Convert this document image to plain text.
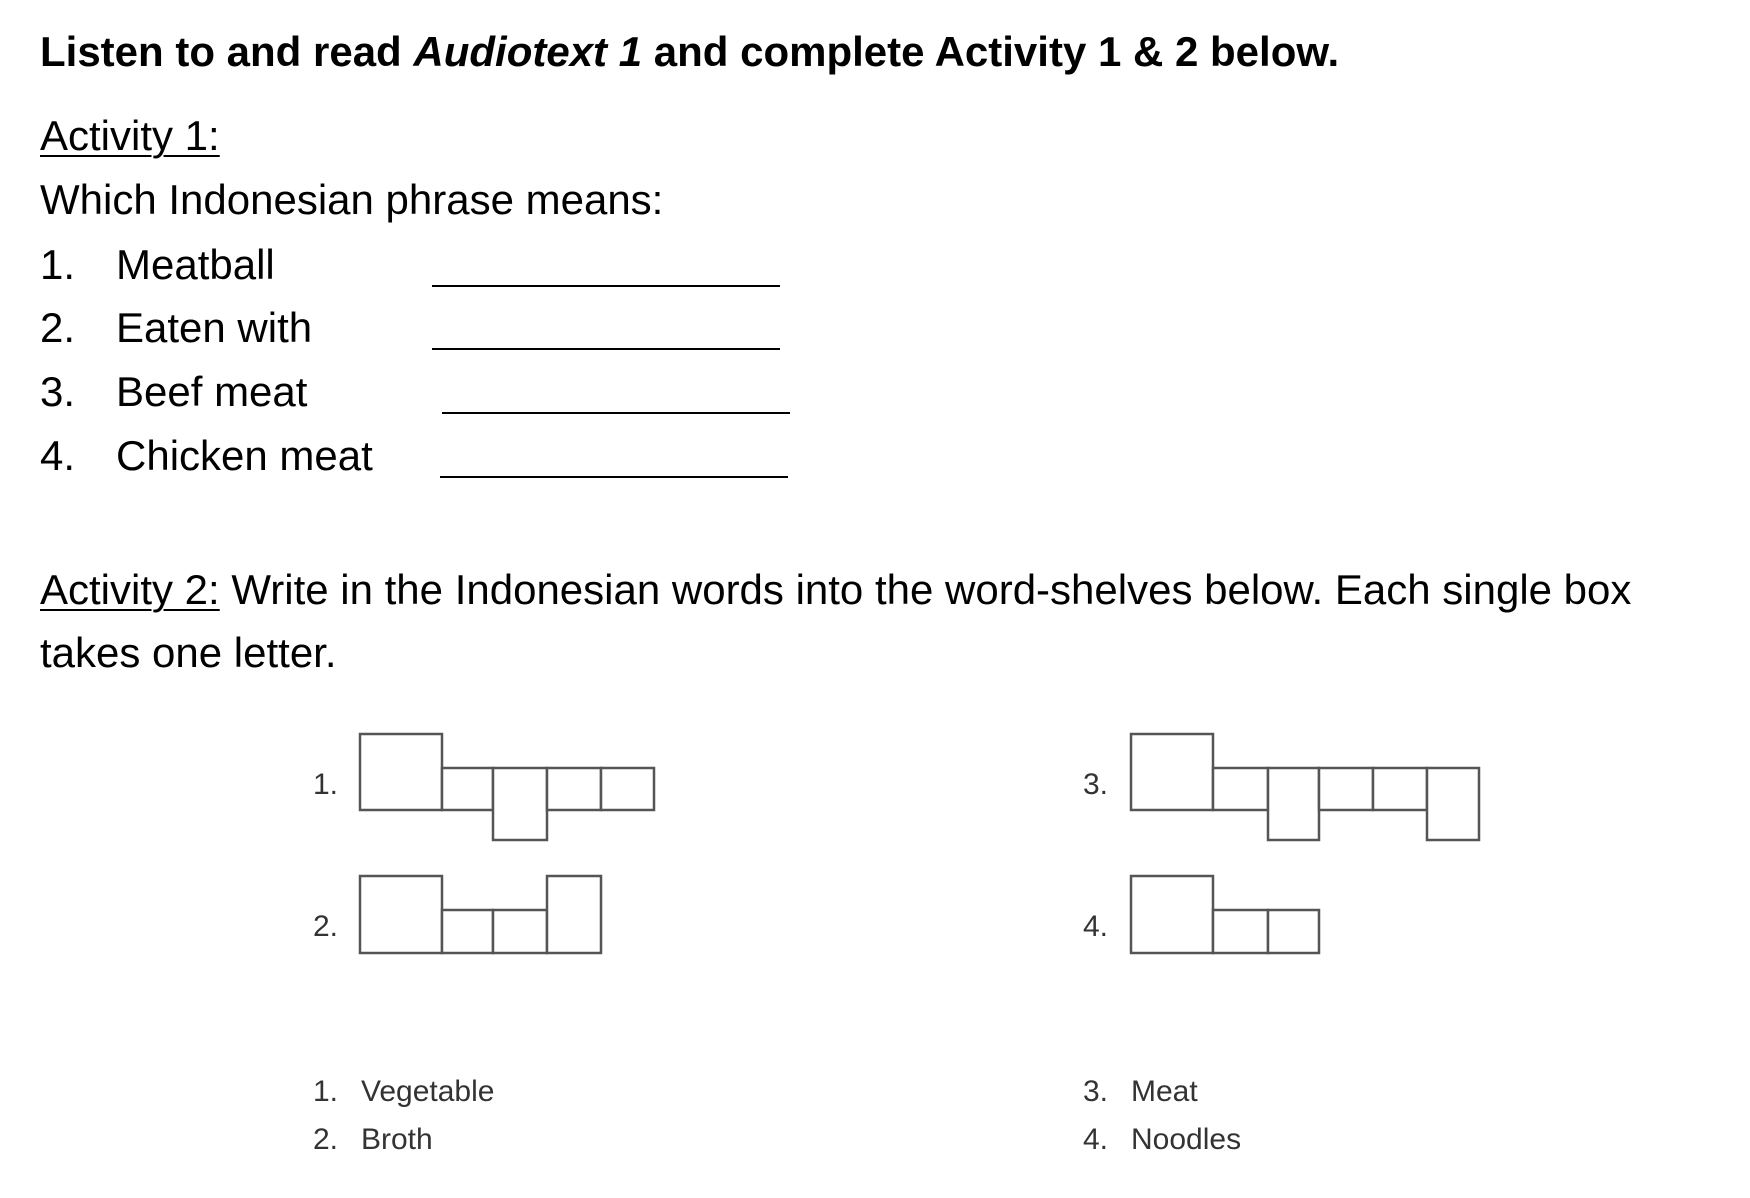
Listen to and read Audiotext 1 and complete Activity 1 & 2 below.
Activity 1:
Which Indonesian phrase means:
1. Meatball
2. Eaten with
3. Beef meat
4. Chicken meat
Activity 2: Write in the Indonesian words into the word-shelves below. Each single box takes one letter.
1.
2.
3.
4.
1. Vegetable
2. Broth
3. Meat
4. Noodles
